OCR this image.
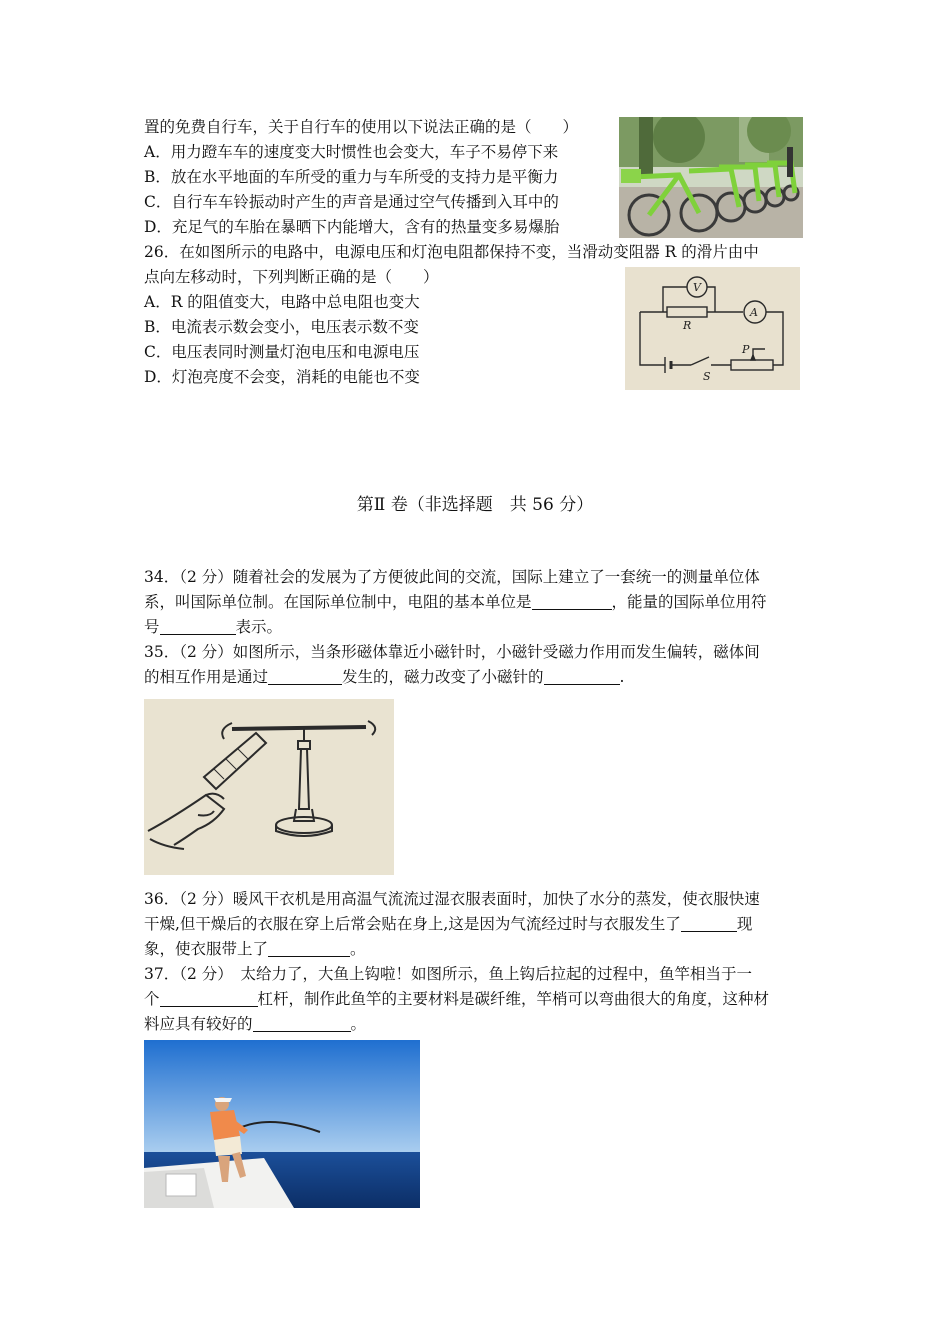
置的免费自行车，关于自行车的使用以下说法正确的是（　　）
A．用力蹬车车的速度变大时惯性也会变大，车子不易停下来
B．放在水平地面的车所受的重力与车所受的支持力是平衡力
C．自行车车铃振动时产生的声音是通过空气传播到入耳中的
D．充足气的车胎在暴晒下内能增大，含有的热量变多易爆胎
26．在如图所示的电路中，电源电压和灯泡电阻都保持不变，当滑动变阻器 R 的滑片由中
点向左移动时，下列判断正确的是（　　）
A．R 的阻值变大，电路中总电阻也变大
B．电流表示数会变小，电压表示数不变
C．电压表同时测量灯泡电压和电源电压
D．灯泡亮度不会变，消耗的电能也不变
V
A
R
S
P
第Ⅱ 卷（非选择题　共 56 分）
34．（2 分）随着社会的发展为了方便彼此间的交流，国际上建立了一套统一的测量单位体
系，叫国际单位制。在国际单位制中，电阻的基本单位是	，能量的国际单位用符
号	表示。
35．（2 分）如图所示，当条形磁体靠近小磁针时，小磁针受磁力作用而发生偏转，磁体间
的相互作用是通过	发生的，磁力改变了小磁针的	.
36．（2 分）暖风干衣机是用高温气流流过湿衣服表面时，加快了水分的蒸发，使衣服快速
干燥,但干燥后的衣服在穿上后常会贴在身上,这是因为气流经过时与衣服发生了	现
象，使衣服带上了	。
37．（2 分）　太给力了，大鱼上钩啦！如图所示，鱼上钩后拉起的过程中，鱼竿相当于一
个	杠杆，制作此鱼竿的主要材料是碳纤维，竿梢可以弯曲很大的角度，这种材
料应具有较好的	。
